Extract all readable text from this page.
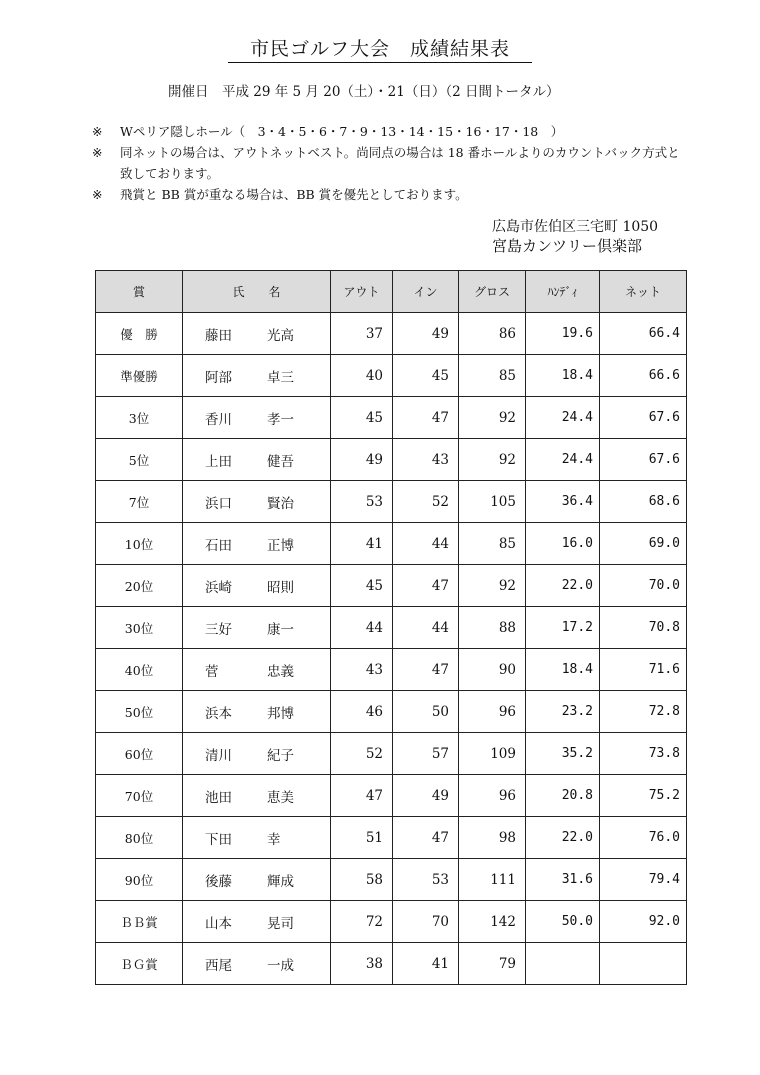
市民ゴルフ大会　成績結果表
開催日　平成 29 年 5 月 20（土）・21（日）（2 日間トータル）
※	Wペリア隠しホール（　3・4・5・6・7・9・13・14・15・16・17・18　）
※	同ネットの場合は、アウトネットベスト。尚同点の場合は 18 番ホールよりのカウントバック方式と致しております。
※	飛賞と BB 賞が重なる場合は、BB 賞を優先としております。
広島市佐伯区三宅町 1050
宮島カンツリー倶楽部
賞	氏　　名	アウト	イン	グロス	ﾊﾝﾃﾞｨ	ネット
優　勝	藤田 光高	37	49	86	19.6	66.4
準優勝	阿部 卓三	40	45	85	18.4	66.6
3位	香川 孝一	45	47	92	24.4	67.6
5位	上田 健吾	49	43	92	24.4	67.6
7位	浜口 賢治	53	52	105	36.4	68.6
10位	石田 正博	41	44	85	16.0	69.0
20位	浜崎 昭則	45	47	92	22.0	70.0
30位	三好 康一	44	44	88	17.2	70.8
40位	菅 忠義	43	47	90	18.4	71.6
50位	浜本 邦博	46	50	96	23.2	72.8
60位	清川 紀子	52	57	109	35.2	73.8
70位	池田 恵美	47	49	96	20.8	75.2
80位	下田 幸	51	47	98	22.0	76.0
90位	後藤 輝成	58	53	111	31.6	79.4
ＢＢ賞	山本 晃司	72	70	142	50.0	92.0
ＢＧ賞	西尾 一成	38	41	79		
